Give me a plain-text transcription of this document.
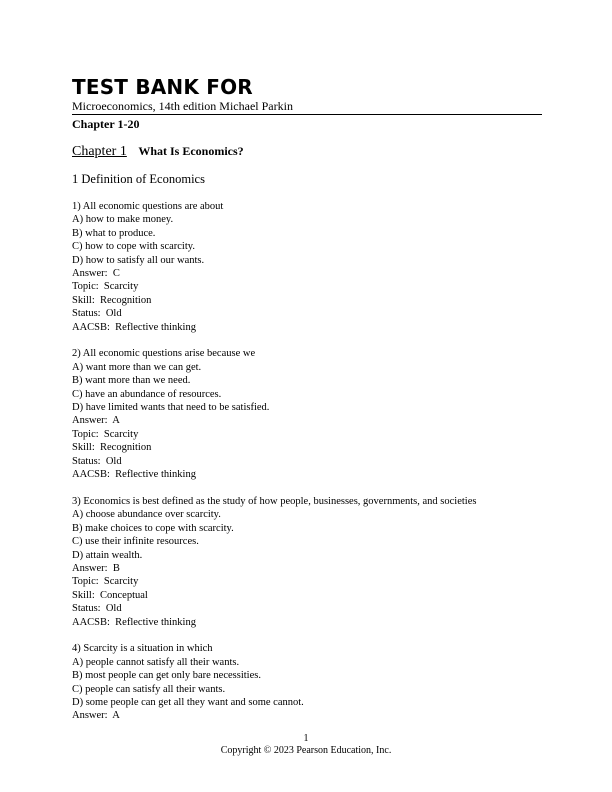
TEST BANK FOR
Microeconomics, 14th edition Michael Parkin
Chapter 1-20
Chapter 1 What Is Economics?
1 Definition of Economics
1) All economic questions are about
A) how to make money.
B) what to produce.
C) how to cope with scarcity.
D) how to satisfy all our wants.
Answer:  C
Topic:  Scarcity
Skill:  Recognition
Status:  Old
AACSB:  Reflective thinking
2) All economic questions arise because we
A) want more than we can get.
B) want more than we need.
C) have an abundance of resources.
D) have limited wants that need to be satisfied.
Answer:  A
Topic:  Scarcity
Skill:  Recognition
Status:  Old
AACSB:  Reflective thinking
3) Economics is best defined as the study of how people, businesses, governments, and societies
A) choose abundance over scarcity.
B) make choices to cope with scarcity.
C) use their infinite resources.
D) attain wealth.
Answer:  B
Topic:  Scarcity
Skill:  Conceptual
Status:  Old
AACSB:  Reflective thinking
4) Scarcity is a situation in which
A) people cannot satisfy all their wants.
B) most people can get only bare necessities.
C) people can satisfy all their wants.
D) some people can get all they want and some cannot.
Answer:  A
1
Copyright © 2023 Pearson Education, Inc.
